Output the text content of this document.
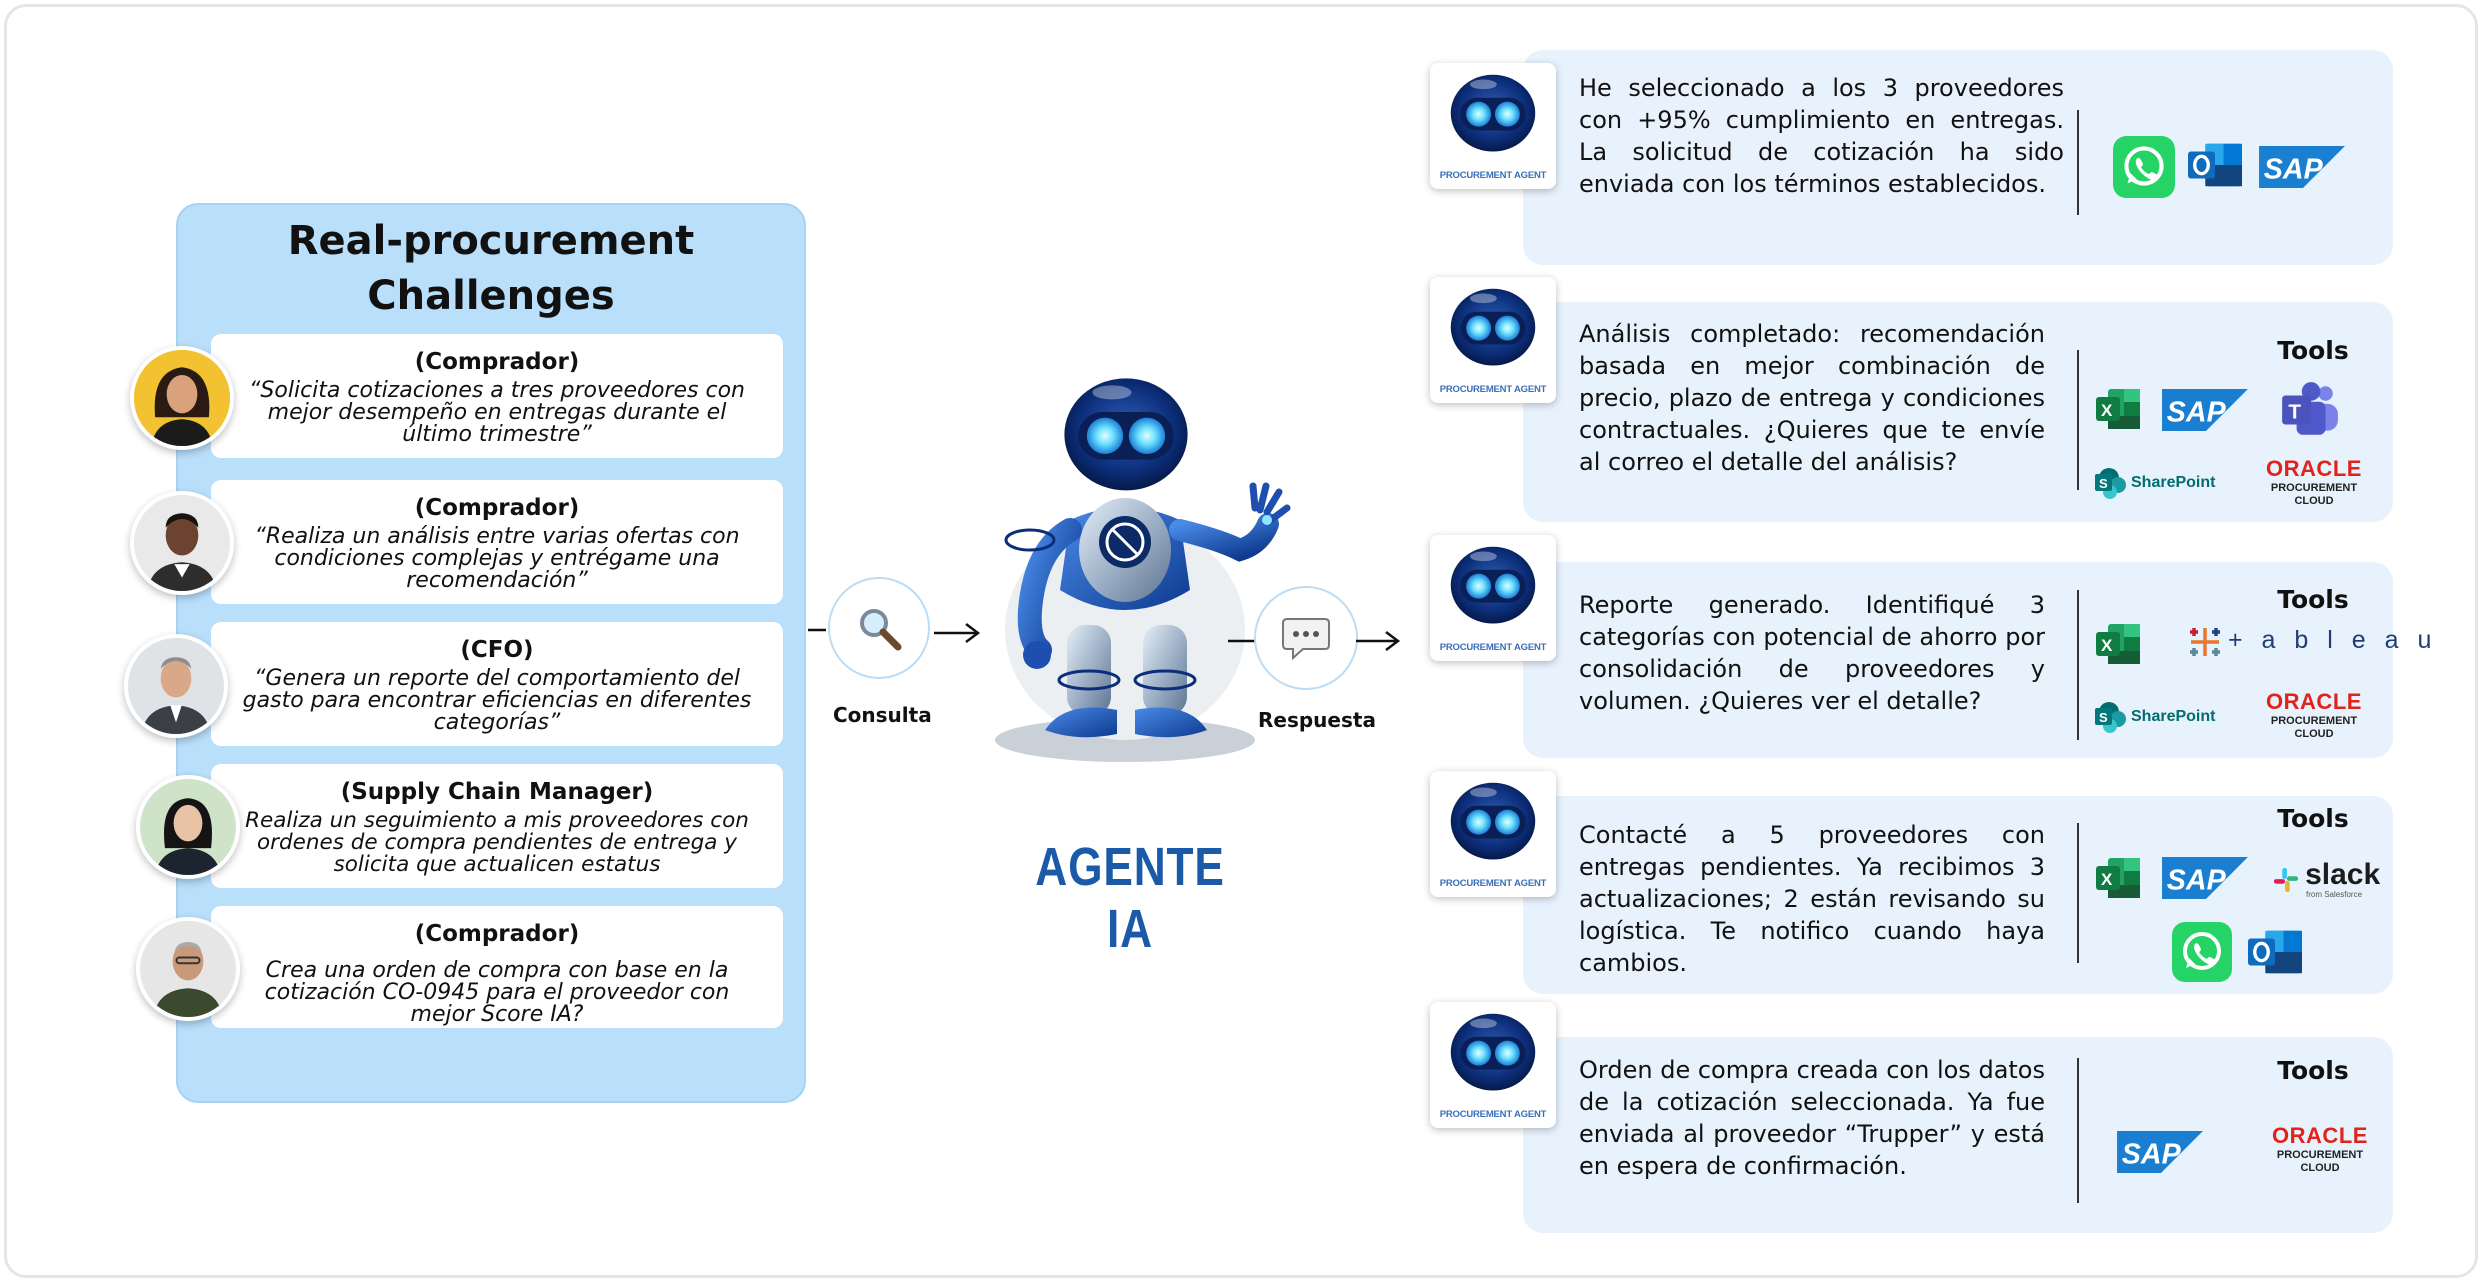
Real-procurement
Challenges
(Comprador)
“Solicita cotizaciones a tres proveedores con mejor desempeño en entregas durante el último trimestre”
(Comprador)
“Realiza un análisis entre varias ofertas con condiciones complejas y entrégame una recomendación”
(CFO)
“Genera un reporte del comportamiento del gasto para encontrar eficiencias en diferentes categorías”
(Supply Chain Manager)
Realiza un seguimiento a mis proveedores con ordenes de compra pendientes de entrega y solicita que actualicen estatus
(Comprador)
Crea una orden de compra con base en la cotización CO-0945 para el proveedor con mejor Score IA?
Consulta	Respuesta
AGENTE IA
PROCUREMENT AGENT
He seleccionado a los 3 proveedores con +95% cumplimiento en entregas. La solicitud de cotización ha sido enviada con los términos establecidos.
PROCUREMENT AGENT
Análisis completado: recomendación basada en mejor combinación de precio, plazo de entrega y condiciones contractuales. ¿Quieres que te envíe al correo el detalle del análisis?
Tools
SharePoint
ORACLE
PROCUREMENT
CLOUD
PROCUREMENT AGENT
Reporte generado. Identifiqué 3 categorías con potencial de ahorro por consolidación de proveedores y volumen. ¿Quieres ver el detalle?
Tools
+ a b l e a u
SharePoint
ORACLE
PROCUREMENT
CLOUD
PROCUREMENT AGENT
Contacté a 5 proveedores con entregas pendientes. Ya recibimos 3 actualizaciones; 2 están revisando su logística. Te notifico cuando haya cambios.
Tools
slack
from Salesforce
PROCUREMENT AGENT
Orden de compra creada con los datos de la cotización seleccionada. Ya fue enviada al proveedor “Trupper” y está en espera de confirmación.
Tools
ORACLE
PROCUREMENT
CLOUD
